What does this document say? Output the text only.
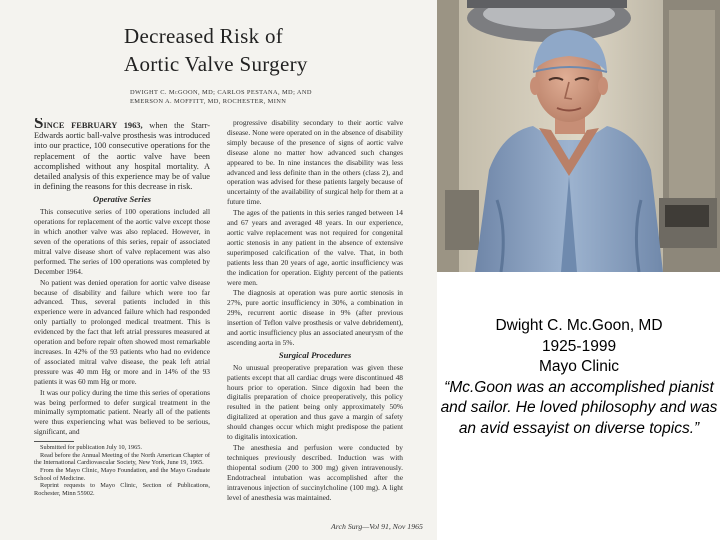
Decreased Risk of
Aortic Valve Surgery
DWIGHT C. McGOON, MD; CARLOS PESTANA, MD; AND
EMERSON A. MOFFITT, MD, ROCHESTER, MINN

SINCE FEBRUARY 1963, when the Starr-Edwards aortic ball-valve prosthesis was introduced into our practice, 100 consecutive operations for the replacement of the aortic valve have been accomplished without any hospital mortality. A detailed analysis of this experience may be of value in defining the reasons for this decrease in risk.

Operative Series

This consecutive series of 100 operations included all operations for replacement of the aortic valve except those in which another valve was also replaced. However, in seven of the operations of this series, repair of associated mitral valve disease short of valve replacement was also performed. The series of 100 operations was completed by December 1964.

No patient was denied operation for aortic valve disease because of disability and failure which were too far advanced. Thus, several patients included in this experience were in advanced failure which had responded only partially to prolonged medical treatment. This is evidenced by the fact that left atrial pressures measured at operation and before repair often showed most remarkable increases. In 42% of the 93 patients who had no evidence of associated mitral valve disease, the peak left atrial pressure was 40 mm Hg or more and in 14% of the 93 patients it was 60 mm Hg or more.

It was our policy during the time this series of operations was being performed to defer surgical treatment in the minimally symptomatic patient. Nearly all of the patients were thus experiencing what was believed to be serious, significant, and

Submitted for publication July 10, 1965.

Read before the Annual Meeting of the North American Chapter of the International Cardiovascular Society, New York, June 19, 1965.

From the Mayo Clinic, Mayo Foundation, and the Mayo Graduate School of Medicine.

Reprint requests to Mayo Clinic, Section of Publications, Rochester, Minn 55902.

progressive disability secondary to their aortic valve disease. None were operated on in the absence of disability simply because of the presence of signs of aortic valve disease alone no matter how advanced such changes appeared to be. In nine instances the disability was less advanced and less definite than in the others (class 2), and operation was advised for these patients largely because of uncertainty of the availability of surgical help for them at a future time.

The ages of the patients in this series ranged between 14 and 67 years and averaged 48 years. In our experience, aortic valve replacement was not required for congenital aortic stenosis in any patient in the absence of extensive superimposed calcification of the valve. That, in both patients less than 20 years of age, aortic insufficiency was the indication for operation. Eighty percent of the patients were men.

The diagnosis at operation was pure aortic stenosis in 27%, pure aortic insufficiency in 30%, a combination in 29%, recurrent aortic disease in 9% (after previous insertion of Teflon valve prosthesis or valve debridement), and aortic insufficiency plus an associated aneurysm of the ascending aorta in 5%.

Surgical Procedures

No unusual preoperative preparation was given these patients except that all cardiac drugs were discontinued 48 hours prior to operation. Since digoxin had been the digitalis preparation of choice preoperatively, this policy resulted in the patient being only approximately 50% digitalized at operation and thus gave a margin of safety should changes occur which might predispose the patient to digitalis intoxication.

The anesthesia and perfusion were conducted by techniques previously described. Induction was with thiopental sodium (200 to 300 mg) given intravenously. Endotracheal intubation was accomplished after the intravenous injection of succinylcholine (100 mg). A light level of anesthesia was maintained.

Arch Surg—Vol 91, Nov 1965
Dwight C. Mc.Goon, MD
1925-1999
Mayo Clinic
“Mc.Goon was an accomplished pianist and sailor. He loved philosophy and was an avid essayist on diverse topics.”
